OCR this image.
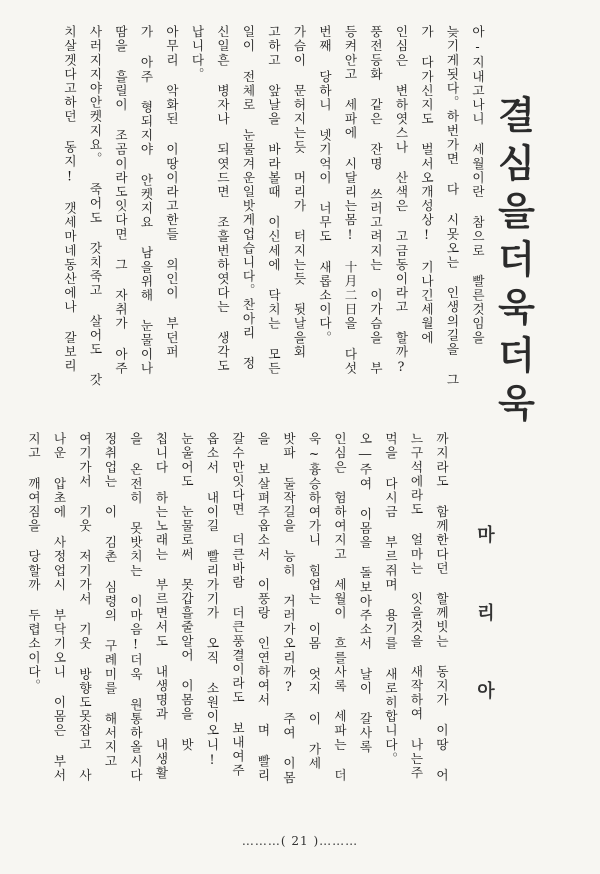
결심을더욱더욱
마리아

아-지내고나니 세월이란 참으로 빨른것임을

늦기게됫다。하번가면 다 시못오는 인생의길을 그

가 다가신지도 벌서오개성상! 기나긴세월에

인심은 변하엿스나 산색은 고금동이라고 할까?

풍전등화 같은 잔명 쓰러고려지는 이가슴을 부

등켜안고 세파에 시달리는몸! 十月二日을 다섯

번째 당하니 넷기억이 너무도 새롭소이다。

가슴이 문허지는듯 머리가 터지는듯 뒷날을회

고하고 앞날을 바라볼때 이신세에 닥치는 모든

일이 전체로 눈물겨운일밧게업습니다。찬아리 정

신일흔 병자나 되엿드면 조흘번하엿다는 생각도

납니다。

아무리 악화된 이땅이라고한들 의인이 부던퍼

가 아주 형되지야 안켓지요 남을위해 눈물이나

땀을 흘릴이 조곰이라도잇다면 그 자취가 아주

사러지지야안켓지요。 죽어도 갓치죽고 살어도 갓

치살겟다고하던 동지! 갯세마네동산에나 갈보리

까지라도 함께한다던 할께빗는 동지가 이땅 어

느구석에라도 얼마는 잇을것을 새작하여 나는주

먹을 다시금 부르쥐며 용기를 새로히합니다。

오―주여 이몸을 돌보아주소서 날이 갈사록

인심은 험하여지고 세월이 흐를사록 세파는 더

욱~흉승하여가니 힘업는 이몸 엇지 이 가세

밧파 둘작길을 능히 거러가오리까? 주여 이몸

을 보살펴주옵소서 이풍랑 인연하여서 며 빨리

갈수만잇다면 더큰바람 더큰풍결이라도 보내여주

옵소서 내이길 빨리가기가 오직 소원이오니!

눈울어도 눈물로써 못갑흘줄알어 이몸을 밧

칩니다 하는노래는 부르면서도 내생명과 내생활

을 온전히 못밧치는 이마음!더욱 원통하올시다

정취업는 이 김촌 심령의 구례미를 해서지고

여기가서 기웃 저기가서 기웃 방향도못잡고 사

나운 압초에 사정업시 부닥기오니 이몸은 부서

지고 깨여짐을 당할까 두렵소이다。

………( 21 )………
